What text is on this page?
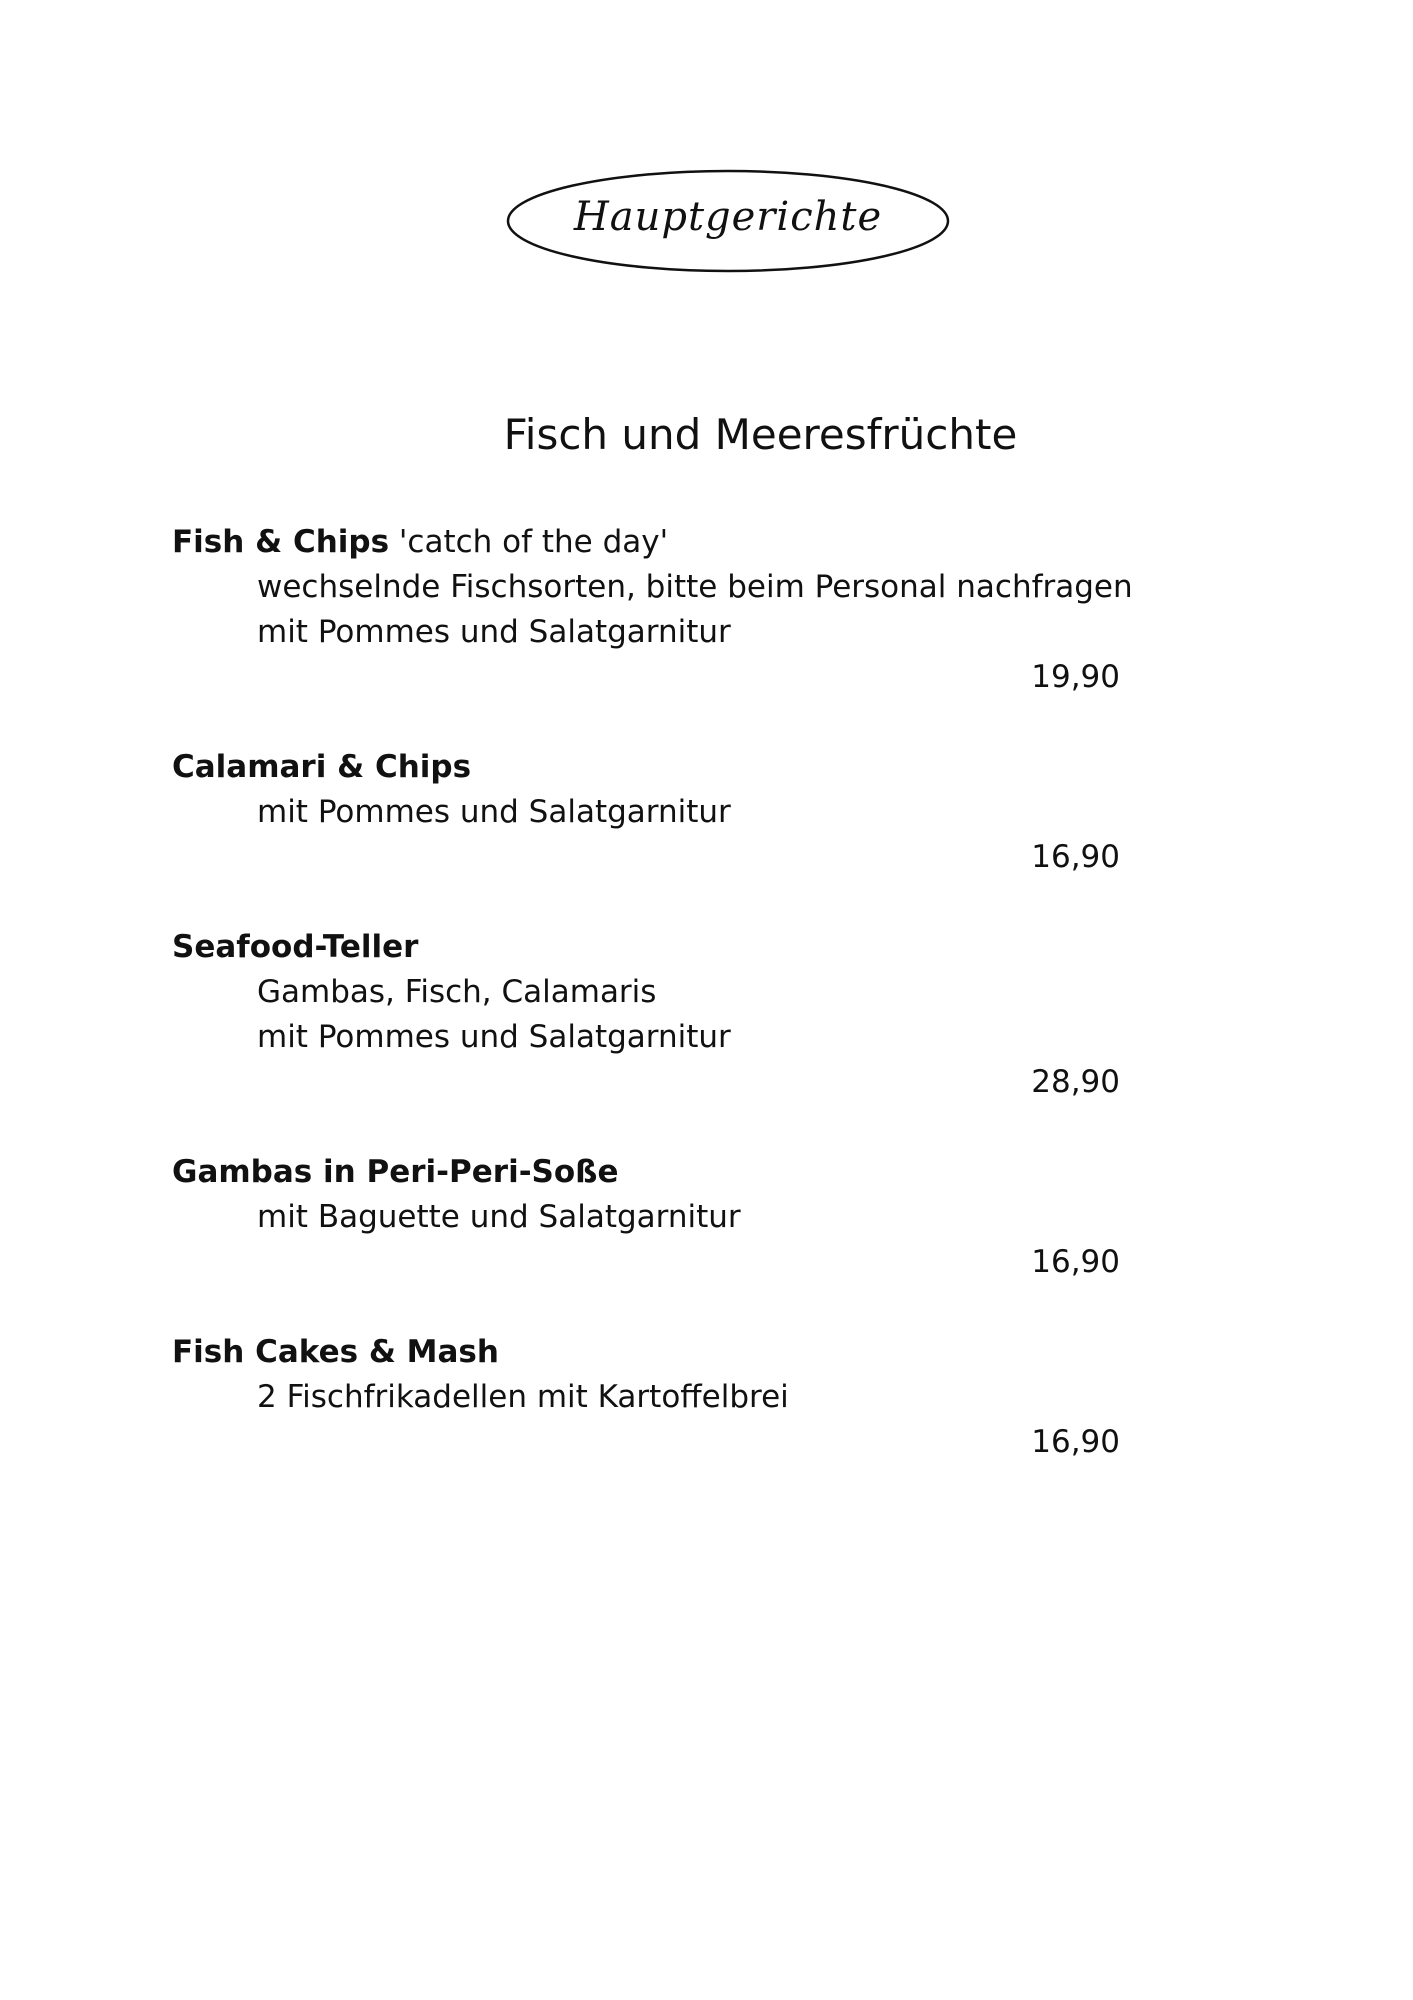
Hauptgerichte
Fisch und Meeresfrüchte
Fish & Chips 'catch of the day'
wechselnde Fischsorten, bitte beim Personal nachfragen
mit Pommes und Salatgarnitur
19,90
Calamari & Chips
mit Pommes und Salatgarnitur
16,90
Seafood-Teller
Gambas, Fisch, Calamaris
mit Pommes und Salatgarnitur
28,90
Gambas in Peri-Peri-Soße
mit Baguette und Salatgarnitur
16,90
Fish Cakes & Mash
2 Fischfrikadellen mit Kartoffelbrei
16,90
